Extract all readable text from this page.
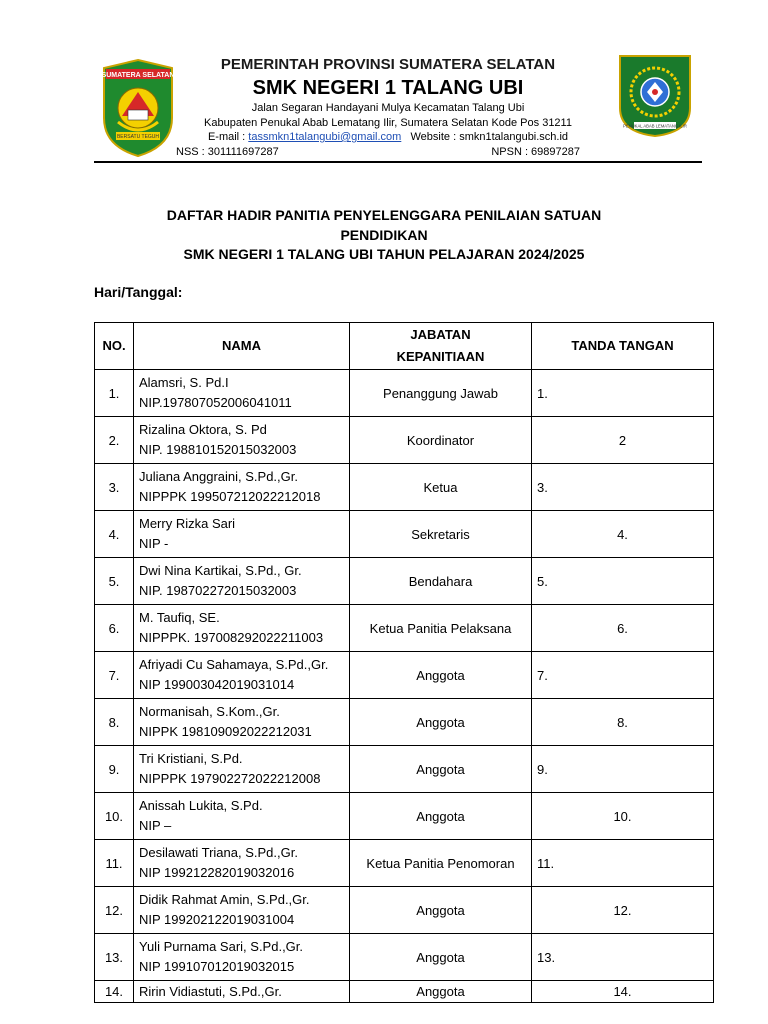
SUMATERA SELATAN
BERSATU TEGUH
PEMERINTAH PROVINSI SUMATERA SELATAN
SMK NEGERI 1 TALANG UBI
Jalan Segaran Handayani Mulya Kecamatan Talang Ubi
Kabupaten Penukal Abab Lematang Ilir, Sumatera Selatan Kode Pos 31211
E-mail : tassmkn1talangubi@gmail.com Website : smkn1talangubi.sch.id
NSS : 301111697287	NPSN : 69897287
PENUKAL ABAB LEMATANG ILIR
DAFTAR HADIR PANITIA PENYELENGGARA PENILAIAN SATUAN
PENDIDIKAN
SMK NEGERI 1 TALANG UBI TAHUN PELAJARAN 2024/2025
Hari/Tanggal:
NO.	NAMA	JABATAN
KEPANITIAAN	TANDA TANGAN
1.	Alamsri, S. Pd.I
NIP.197807052006041011	Penanggung Jawab	1.
2.	Rizalina Oktora, S. Pd
NIP. 198810152015032003	Koordinator	2
3.	Juliana Anggraini, S.Pd.,Gr.
NIPPPK 199507212022212018	Ketua	3.
4.	Merry Rizka Sari
NIP -	Sekretaris	4.
5.	Dwi Nina Kartikai, S.Pd., Gr.
NIP. 198702272015032003	Bendahara	5.
6.	M. Taufiq, SE.
NIPPPK. 197008292022211003	Ketua Panitia Pelaksana	6.
7.	Afriyadi Cu Sahamaya, S.Pd.,Gr.
NIP 199003042019031014	Anggota	7.
8.	Normanisah, S.Kom.,Gr.
NIPPK 198109092022212031	Anggota	8.
9.	Tri Kristiani, S.Pd.
NIPPPK 197902272022212008	Anggota	9.
10.	Anissah Lukita, S.Pd.
NIP –	Anggota	10.
11.	Desilawati Triana, S.Pd.,Gr.
NIP 199212282019032016	Ketua Panitia Penomoran	11.
12.	Didik Rahmat Amin, S.Pd.,Gr.
NIP 199202122019031004	Anggota	12.
13.	Yuli Purnama Sari, S.Pd.,Gr.
NIP 199107012019032015	Anggota	13.
14.	Ririn Vidiastuti, S.Pd.,Gr.	Anggota	14.
